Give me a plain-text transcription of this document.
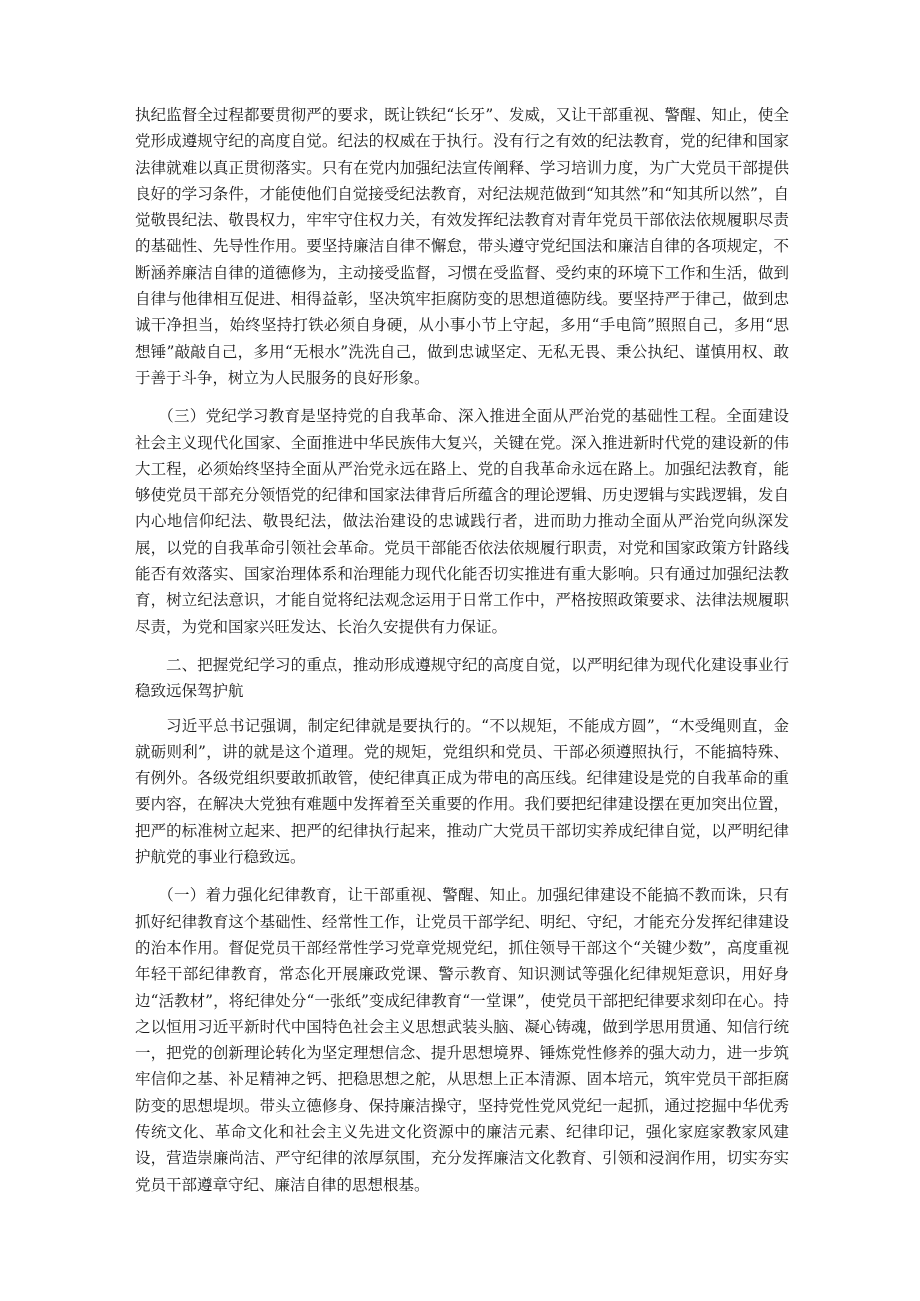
执纪监督全过程都要贯彻严的要求，既让铁纪“长牙”、发威，又让干部重视、警醒、知止，使全党形成遵规守纪的高度自觉。纪法的权威在于执行。没有行之有效的纪法教育，党的纪律和国家法律就难以真正贯彻落实。只有在党内加强纪法宣传阐释、学习培训力度，为广大党员干部提供良好的学习条件，才能使他们自觉接受纪法教育，对纪法规范做到“知其然”和“知其所以然”，自觉敬畏纪法、敬畏权力，牢牢守住权力关，有效发挥纪法教育对青年党员干部依法依规履职尽责的基础性、先导性作用。要坚持廉洁自律不懈怠，带头遵守党纪国法和廉洁自律的各项规定，不断涵养廉洁自律的道德修为，主动接受监督，习惯在受监督、受约束的环境下工作和生活，做到自律与他律相互促进、相得益彰，坚决筑牢拒腐防变的思想道德防线。要坚持严于律己，做到忠诚干净担当，始终坚持打铁必须自身硬，从小事小节上守起，多用“手电筒”照照自己，多用“思想锤”敲敲自己，多用“无根水”洗洗自己，做到忠诚坚定、无私无畏、秉公执纪、谨慎用权、敢于善于斗争，树立为人民服务的良好形象。

（三）党纪学习教育是坚持党的自我革命、深入推进全面从严治党的基础性工程。全面建设社会主义现代化国家、全面推进中华民族伟大复兴，关键在党。深入推进新时代党的建设新的伟大工程，必须始终坚持全面从严治党永远在路上、党的自我革命永远在路上。加强纪法教育，能够使党员干部充分领悟党的纪律和国家法律背后所蕴含的理论逻辑、历史逻辑与实践逻辑，发自内心地信仰纪法、敬畏纪法，做法治建设的忠诚践行者，进而助力推动全面从严治党向纵深发展，以党的自我革命引领社会革命。党员干部能否依法依规履行职责，对党和国家政策方针路线能否有效落实、国家治理体系和治理能力现代化能否切实推进有重大影响。只有通过加强纪法教育，树立纪法意识，才能自觉将纪法观念运用于日常工作中，严格按照政策要求、法律法规履职尽责，为党和国家兴旺发达、长治久安提供有力保证。

二、把握党纪学习的重点，推动形成遵规守纪的高度自觉，以严明纪律为现代化建设事业行稳致远保驾护航

习近平总书记强调，制定纪律就是要执行的。“不以规矩，不能成方圆”，“木受绳则直，金就砺则利”，讲的就是这个道理。党的规矩，党组织和党员、干部必须遵照执行，不能搞特殊、有例外。各级党组织要敢抓敢管，使纪律真正成为带电的高压线。纪律建设是党的自我革命的重要内容，在解决大党独有难题中发挥着至关重要的作用。我们要把纪律建设摆在更加突出位置，把严的标准树立起来、把严的纪律执行起来，推动广大党员干部切实养成纪律自觉，以严明纪律护航党的事业行稳致远。

（一）着力强化纪律教育，让干部重视、警醒、知止。加强纪律建设不能搞不教而诛，只有抓好纪律教育这个基础性、经常性工作，让党员干部学纪、明纪、守纪，才能充分发挥纪律建设的治本作用。督促党员干部经常性学习党章党规党纪，抓住领导干部这个“关键少数”，高度重视年轻干部纪律教育，常态化开展廉政党课、警示教育、知识测试等强化纪律规矩意识，用好身边“活教材”，将纪律处分“一张纸”变成纪律教育“一堂课”，使党员干部把纪律要求刻印在心。持之以恒用习近平新时代中国特色社会主义思想武装头脑、凝心铸魂，做到学思用贯通、知信行统一，把党的创新理论转化为坚定理想信念、提升思想境界、锤炼党性修养的强大动力，进一步筑牢信仰之基、补足精神之钙、把稳思想之舵，从思想上正本清源、固本培元，筑牢党员干部拒腐防变的思想堤坝。带头立德修身、保持廉洁操守，坚持党性党风党纪一起抓，通过挖掘中华优秀传统文化、革命文化和社会主义先进文化资源中的廉洁元素、纪律印记，强化家庭家教家风建设，营造崇廉尚洁、严守纪律的浓厚氛围，充分发挥廉洁文化教育、引领和浸润作用，切实夯实党员干部遵章守纪、廉洁自律的思想根基。
